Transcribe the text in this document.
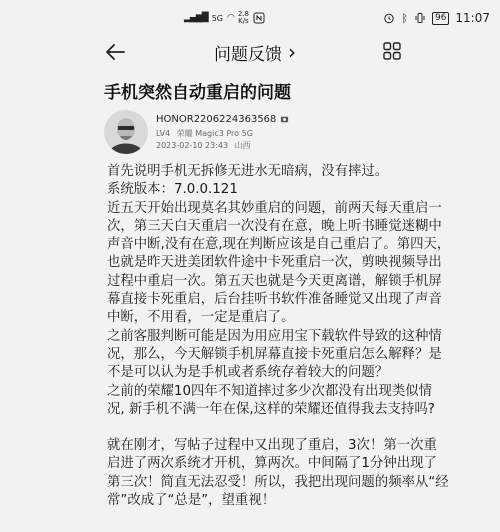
▂▄▆█ 5G ◠ 2.8
K/s	ᛒ	96 11:07
问题反馈 ›
手机突然自动重启的问题
HONOR2206224363568
LV4 荣耀 Magic3 Pro 5G
2023-02-10 23:43 山西

首先说明手机无拆修无进水无暗病，没有摔过。

系统版本：7.0.0.121

近五天开始出现莫名其妙重启的问题，前两天每天重启一

次，第三天白天重启一次没有在意，晚上听书睡觉迷糊中

声音中断,没有在意,现在判断应该是自己重启了。第四天，

也就是昨天进美团软件途中卡死重启一次，剪映视频导出

过程中重启一次。第五天也就是今天更离谱，解锁手机屏

幕直接卡死重启，后台挂听书软件准备睡觉又出现了声音

中断，不用看，一定是重启了。

之前客服判断可能是因为用应用宝下载软件导致的这种情

况，那么，今天解锁手机屏幕直接卡死重启怎么解释？是

不是可以认为是手机或者系统存着较大的问题？

之前的荣耀10四年不知道摔过多少次都没有出现类似情

况, 新手机不满一年在保,这样的荣耀还值得我去支持吗?

就在刚才，写帖子过程中又出现了重启，3次！第一次重

启进了两次系统才开机，算两次。中间隔了1分钟出现了

第三次！简直无法忍受！所以，我把出现问题的频率从“经

常”改成了“总是”，望重视！
